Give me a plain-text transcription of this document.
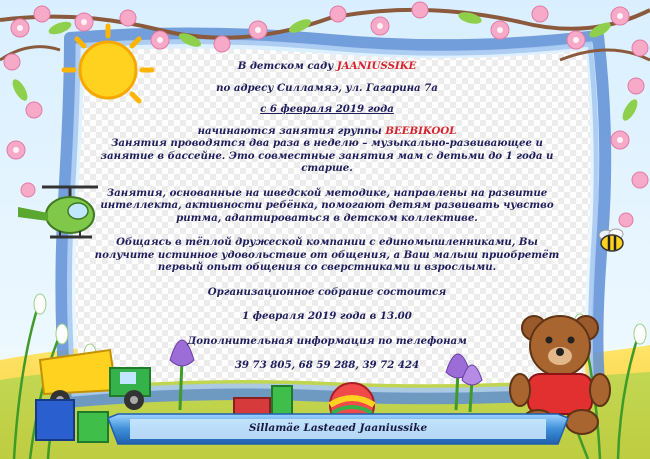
В детском саду JAANIUSSIKE

по адресу Силламяэ, ул. Гагарина 7а

с 6 февраля 2019 года

начинаются занятия группы BEEBIKOOL

Занятия проводятся два раза в неделю – музыкально-развивающее и занятие в бассейне. Это совместные занятия мам с детьми до 1 года и старше.

Занятия, основанные на шведской методике, направлены на развитие интеллекта, активности ребёнка, помогают детям развивать чувство ритма, адаптироваться в детском коллективе.

Общаясь в тёплой дружеской компании с единомышленниками, Вы получите истинное удовольствие от общения, а Ваш малыш приобретёт первый опыт общения со сверстниками и взрослыми.

Организационное собрание состоится

1 февраля 2019 года в 13.00

Дополнительная информация по телефонам

39 73 805, 68 59 288, 39 72 424

Sillamäe Lasteaed Jaaniussike
